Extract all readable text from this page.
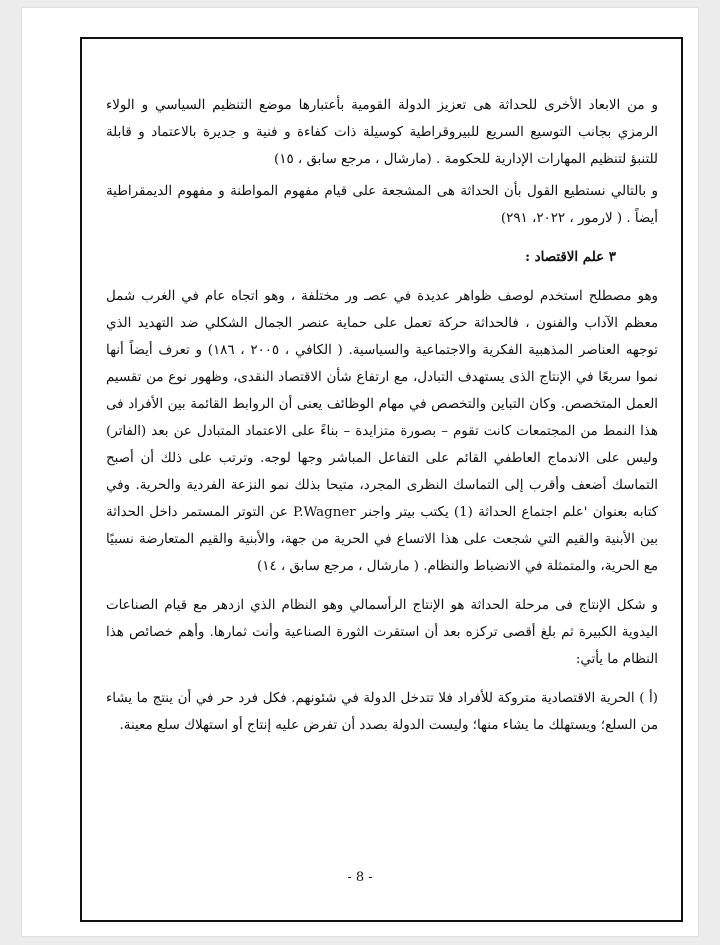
و من الابعاد الأخرى للحداثة هى تعزيز الدولة القومية بأعتبارها موضع التنظيم السياسي و الولاء الرمزي بجانب التوسيع السريع للبيروقراطية كوسيلة ذات كفاءة و فنية و جديرة بالاعتماد و قابلة للتنبؤ لتنظيم المهارات الإدارية للحكومة . (مارشال ، مرجع سابق ، ١٥)

و بالتالي نستطيع القول بأن الحداثة هى المشجعة على قيام مفهوم المواطنة و مفهوم الديمقراطية أيضاً . ( لارمور ، ٢٠٢٢، ٢٩١)

٣ علم الاقتصاد :

وهو مصطلح استخدم لوصف ظواهر عديدة في عصـ ور مختلفة ، وهو اتجاه عام في الغرب شمل معظم الآداب والفنون ، فالحداثة حركة تعمل على حماية عنصر الجمال الشكلي ضد التهديد الذي توجهه العناصر المذهبية الفكرية والاجتماعية والسياسية. ( الكافي ، ٢٠٠٥ ، ١٨٦) و تعرف أيضاً أنها نموا سريعًا في الإنتاج الذى يستهدف التبادل، مع ارتفاع شأن الاقتصاد النقدى، وظهور نوع من تقسيم العمل المتخصص. وكان التباين والتخصص في مهام الوظائف يعنى أن الروابط القائمة بين الأفراد فى هذا النمط من المجتمعات كانت تقوم – بصورة متزايدة – بناءً على الاعتماد المتبادل عن بعد (الفاتر) وليس على الاندماج العاطفي القائم على التفاعل المباشر وجها لوجه. وترتب على ذلك أن أصبح التماسك أضعف وأقرب إلى التماسك النظرى المجرد، متيحا بذلك نمو النزعة الفردية والحرية. وفي كتابه بعنوان 'علم اجتماع الحداثة (1) يكتب بيتر واجنر P.Wagner عن التوتر المستمر داخل الحداثة بين الأبنية والقيم التي شجعت على هذا الاتساع في الحرية من جهة، والأبنية والقيم المتعارضة نسبيًا مع الحرية، والمتمثلة في الانضباط والنظام. ( مارشال ، مرجع سابق ، ١٤)

و شكل الإنتاج فى مرحلة الحداثة هو الإنتاج الرأسمالي وهو النظام الذي ازدهر مع قيام الصناعات اليدوية الكبيرة ثم بلغ أقصى تركزه بعد أن استقرت الثورة الصناعية وأنت ثمارها. وأهم خصائص هذا النظام ما يأتي:

(أ ) الحرية الاقتصادية متروكة للأفراد فلا تتدخل الدولة في شئونهم. فكل فرد حر في أن ينتج ما يشاء من السلع؛ ويستهلك ما يشاء منها؛ وليست الدولة بصدد أن تفرض عليه إنتاج أو استهلاك سلع معينة.

- 8 -
